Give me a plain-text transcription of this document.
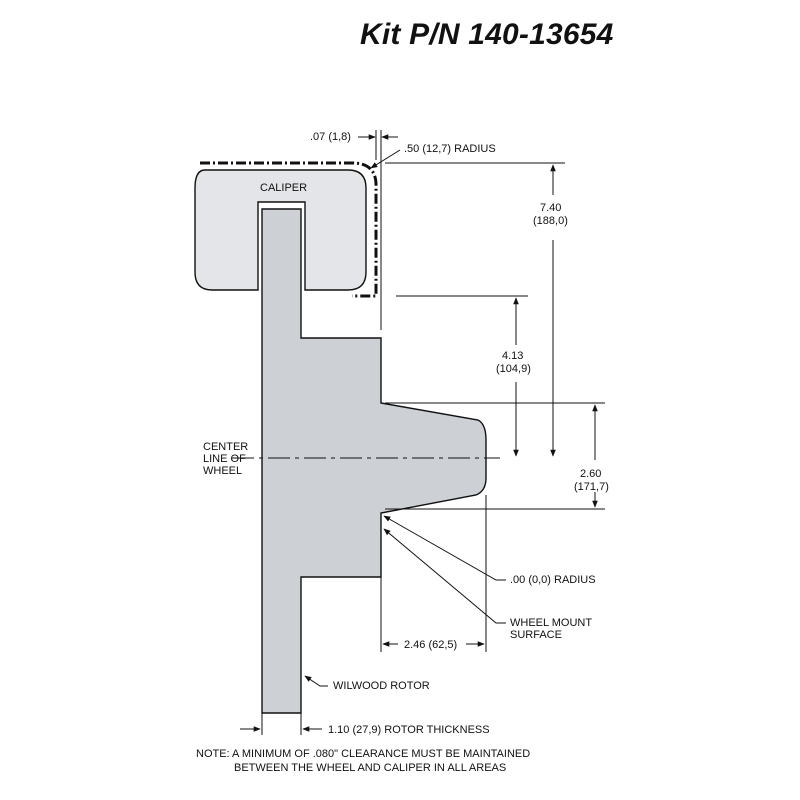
Kit P/N 140-13654
.07 (1,8)
.50 (12,7) RADIUS
CALIPER
7.40
(188,0)
4.13
(104,9)
CENTER
LINE OF
WHEEL	2.60
(171,7)
.00 (0,0) RADIUS
WHEEL MOUNT
SURFACE
2.46 (62,5)
WILWOOD ROTOR
1.10 (27,9) ROTOR THICKNESS
NOTE: A MINIMUM OF .080" CLEARANCE MUST BE MAINTAINED
BETWEEN THE WHEEL AND CALIPER IN ALL AREAS
